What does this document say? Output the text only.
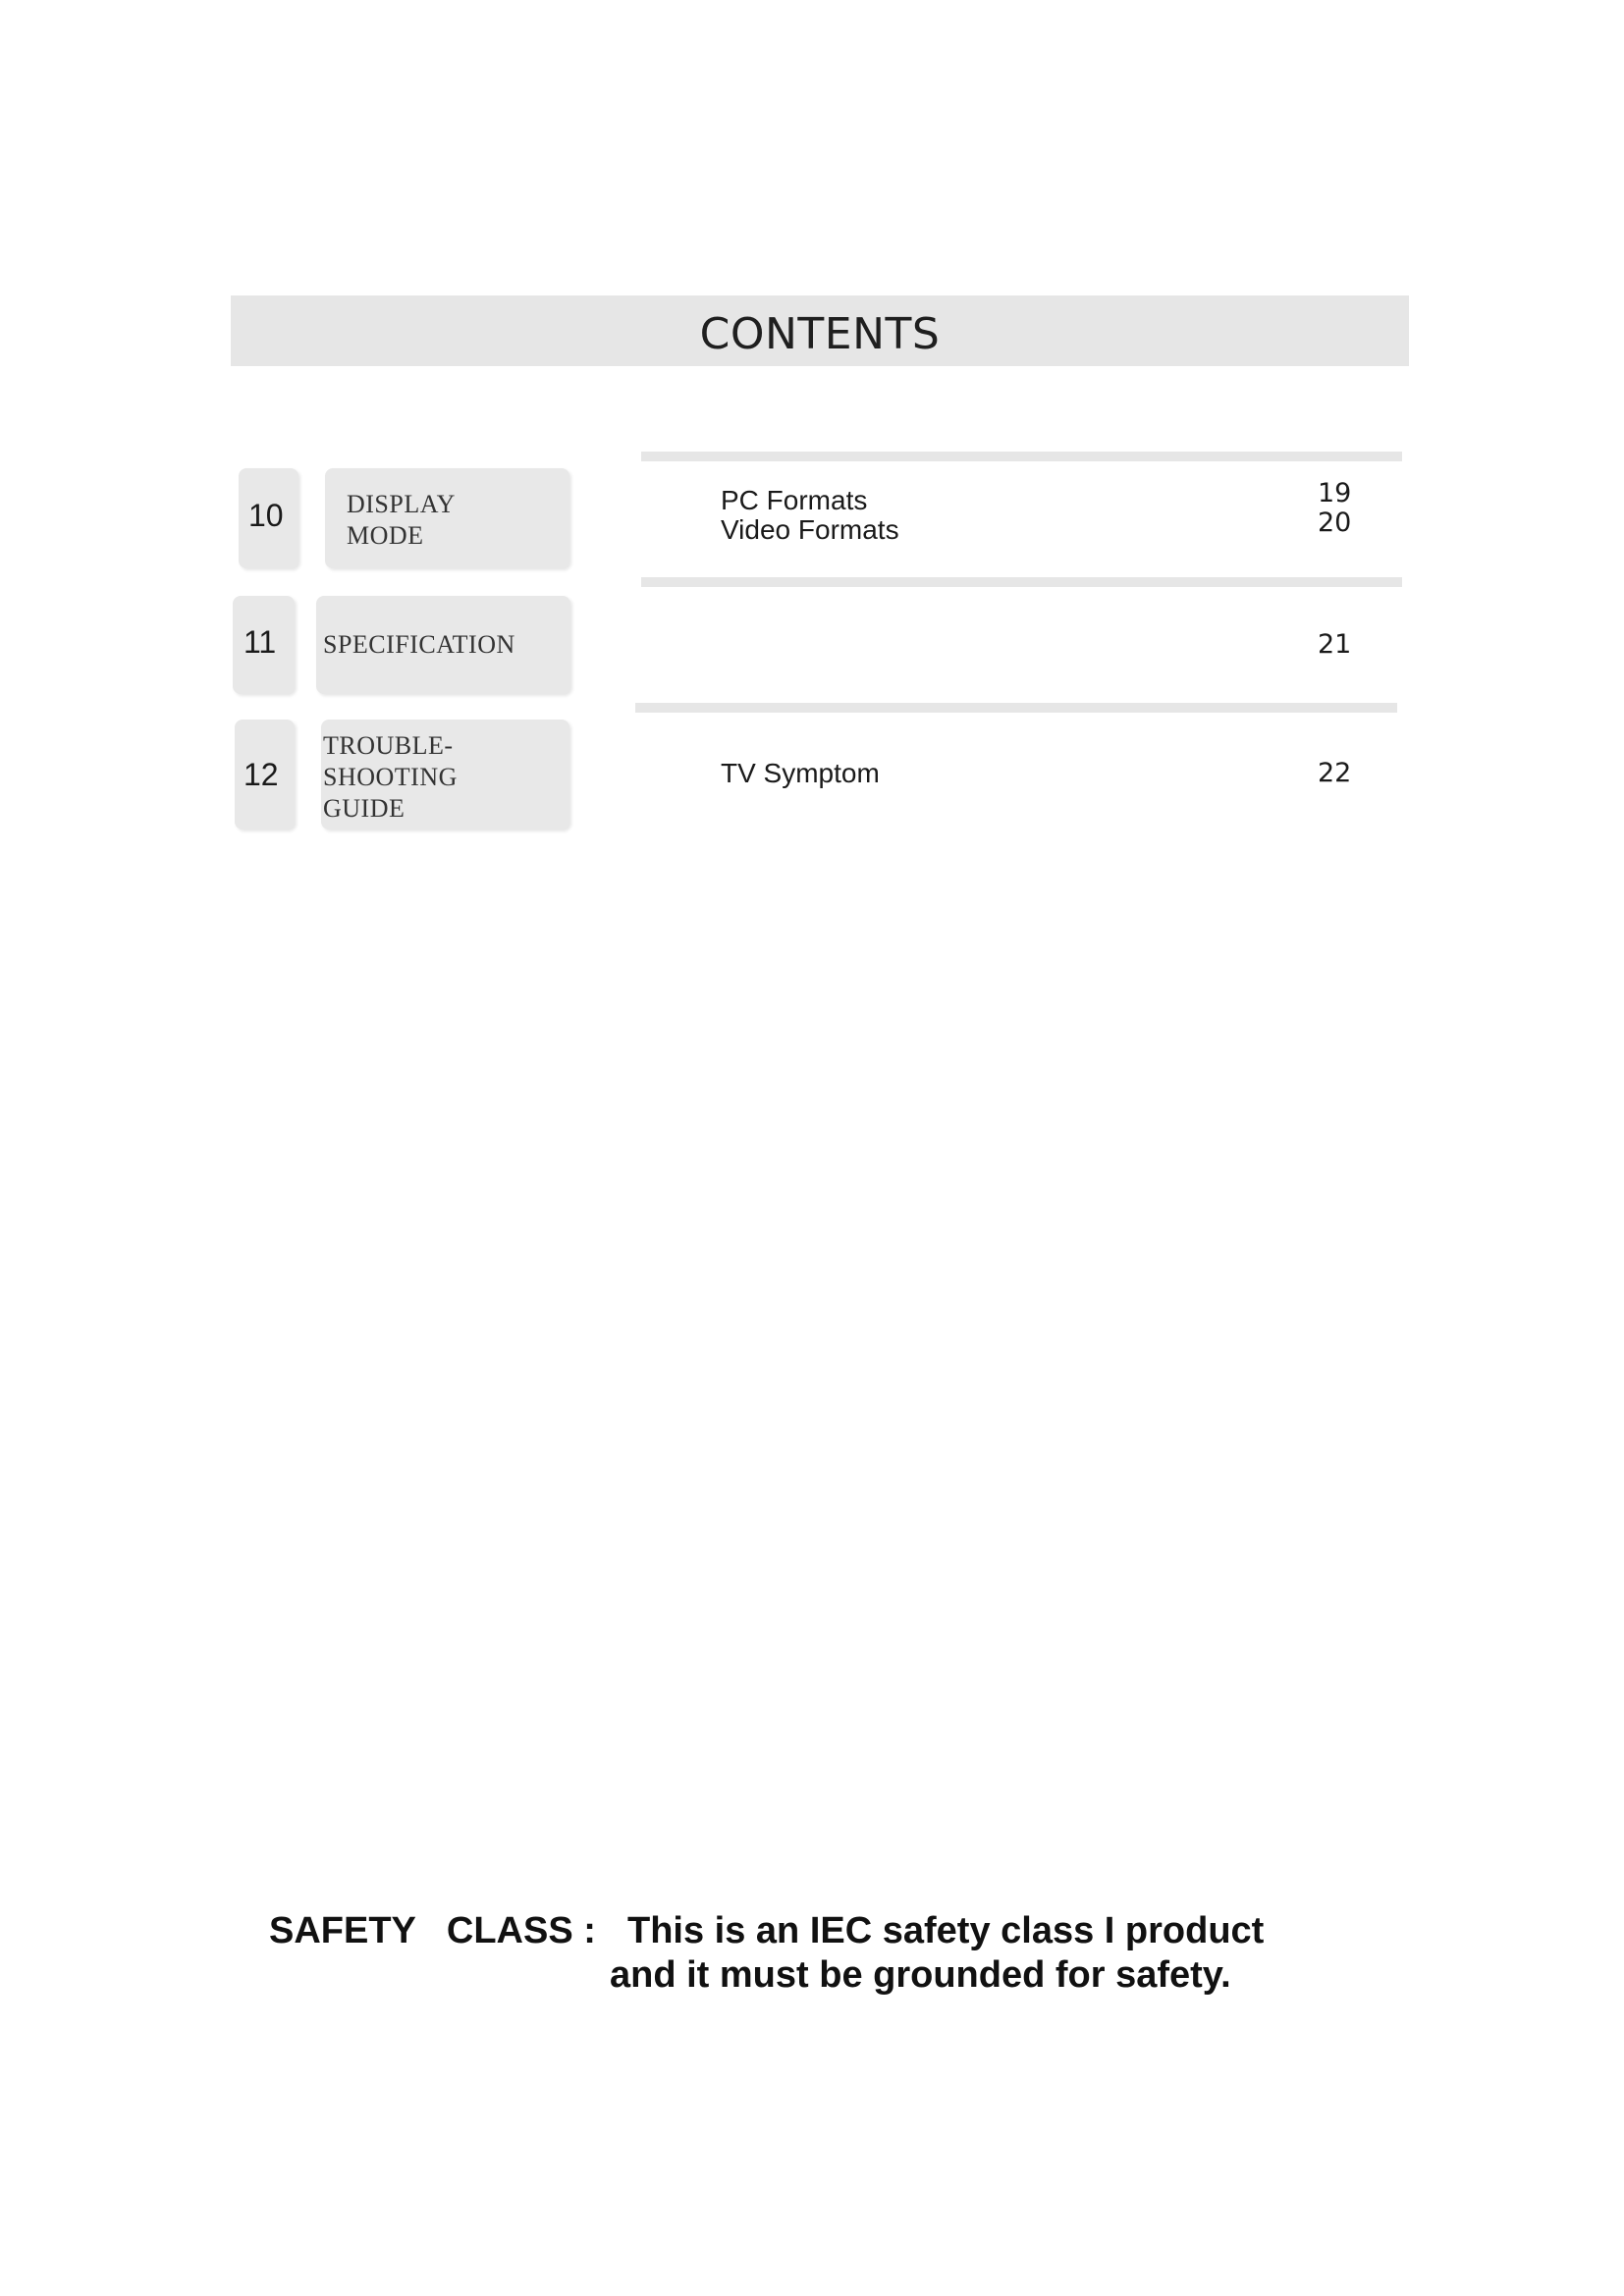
CONTENTS
10 DISPLAY
MODE
PC Formats
Video Formats
19
20
11 SPECIFICATION	21
12
TROUBLE-
SHOOTING
GUIDE
TV Symptom	22
SAFETY   CLASS : This is an IEC safety class I product
and it must be grounded for safety.
